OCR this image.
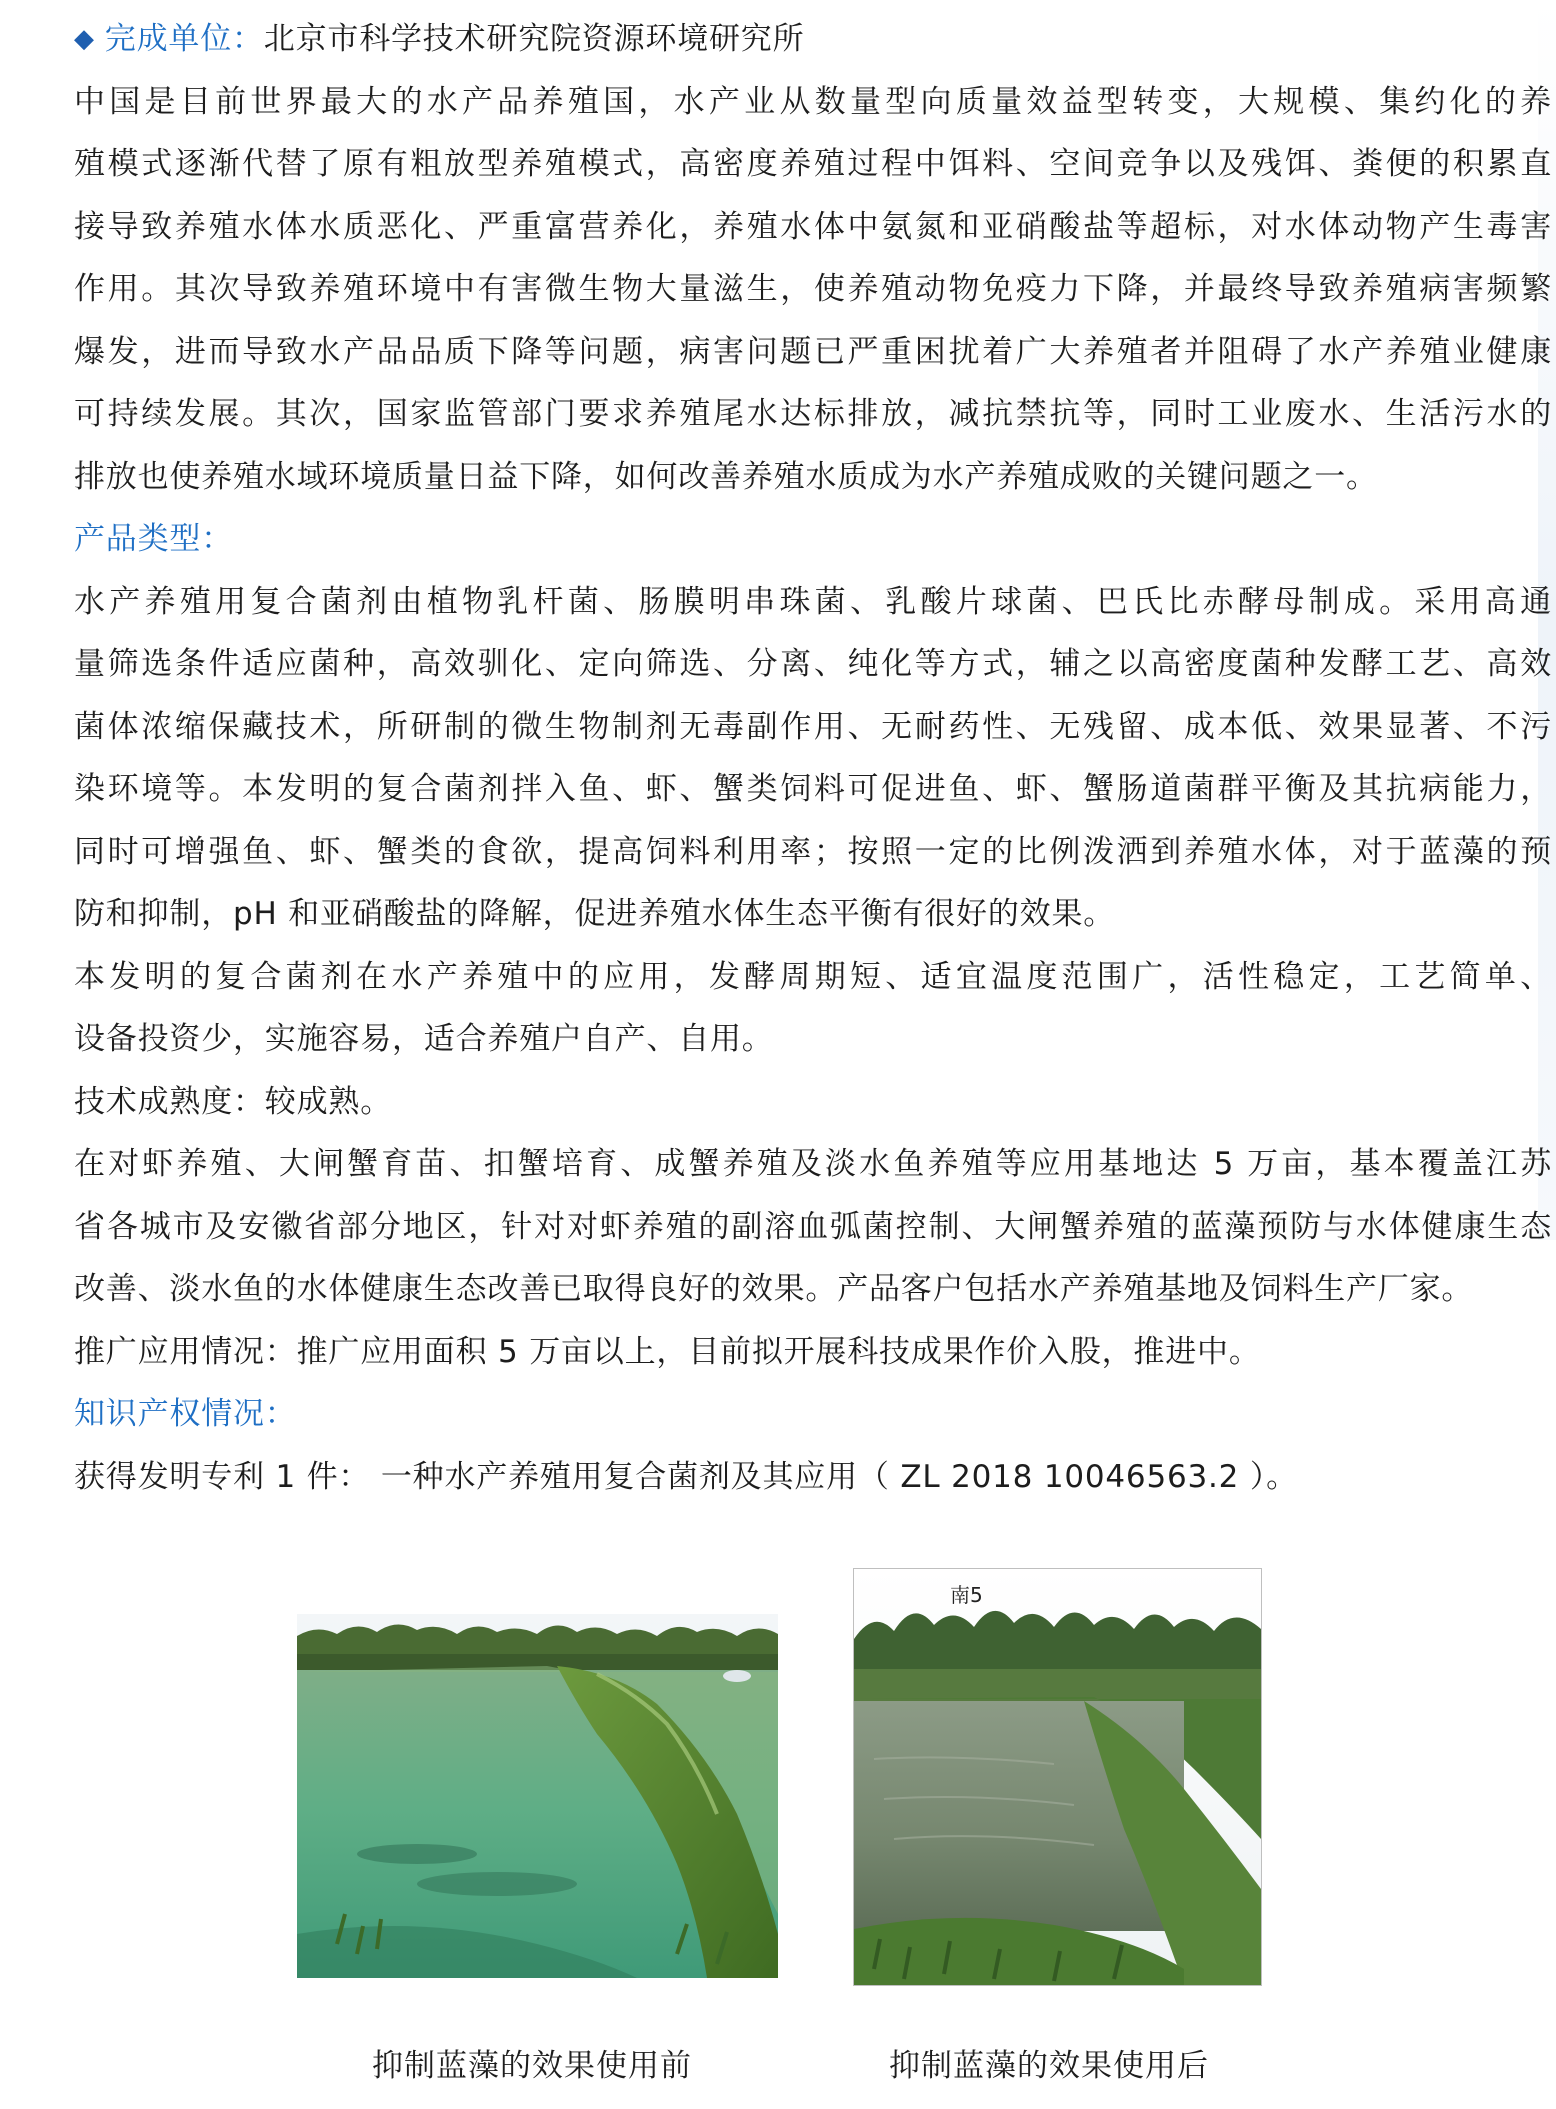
◆ 完成单位：北京市科学技术研究院资源环境研究所
中国是目前世界最大的水产品养殖国，水产业从数量型向质量效益型转变，大规模、集约化的养
殖模式逐渐代替了原有粗放型养殖模式，高密度养殖过程中饵料、空间竞争以及残饵、粪便的积累直
接导致养殖水体水质恶化、严重富营养化，养殖水体中氨氮和亚硝酸盐等超标，对水体动物产生毒害
作用。其次导致养殖环境中有害微生物大量滋生，使养殖动物免疫力下降，并最终导致养殖病害频繁
爆发，进而导致水产品品质下降等问题，病害问题已严重困扰着广大养殖者并阻碍了水产养殖业健康
可持续发展。其次，国家监管部门要求养殖尾水达标排放，减抗禁抗等，同时工业废水、生活污水的
排放也使养殖水域环境质量日益下降，如何改善养殖水质成为水产养殖成败的关键问题之一。
产品类型：
水产养殖用复合菌剂由植物乳杆菌、肠膜明串珠菌、乳酸片球菌、巴氏比赤酵母制成。采用高通
量筛选条件适应菌种，高效驯化、定向筛选、分离、纯化等方式，辅之以高密度菌种发酵工艺、高效
菌体浓缩保藏技术，所研制的微生物制剂无毒副作用、无耐药性、无残留、成本低、效果显著、不污
染环境等。本发明的复合菌剂拌入鱼、虾、蟹类饲料可促进鱼、虾、蟹肠道菌群平衡及其抗病能力，
同时可增强鱼、虾、蟹类的食欲，提高饲料利用率；按照一定的比例泼洒到养殖水体，对于蓝藻的预
防和抑制，pH 和亚硝酸盐的降解，促进养殖水体生态平衡有很好的效果。
本发明的复合菌剂在水产养殖中的应用，发酵周期短、适宜温度范围广，活性稳定，工艺简单、
设备投资少，实施容易，适合养殖户自产、自用。
技术成熟度：较成熟。
在对虾养殖、大闸蟹育苗、扣蟹培育、成蟹养殖及淡水鱼养殖等应用基地达 5 万亩，基本覆盖江苏
省各城市及安徽省部分地区，针对对虾养殖的副溶血弧菌控制、大闸蟹养殖的蓝藻预防与水体健康生态
改善、淡水鱼的水体健康生态改善已取得良好的效果。产品客户包括水产养殖基地及饲料生产厂家。
推广应用情况：推广应用面积 5 万亩以上，目前拟开展科技成果作价入股，推进中。
知识产权情况：
获得发明专利 1 件： 一种水产养殖用复合菌剂及其应用（ ZL 2018 10046563.2 ）。
南5
抑制蓝藻的效果使用前	抑制蓝藻的效果使用后
